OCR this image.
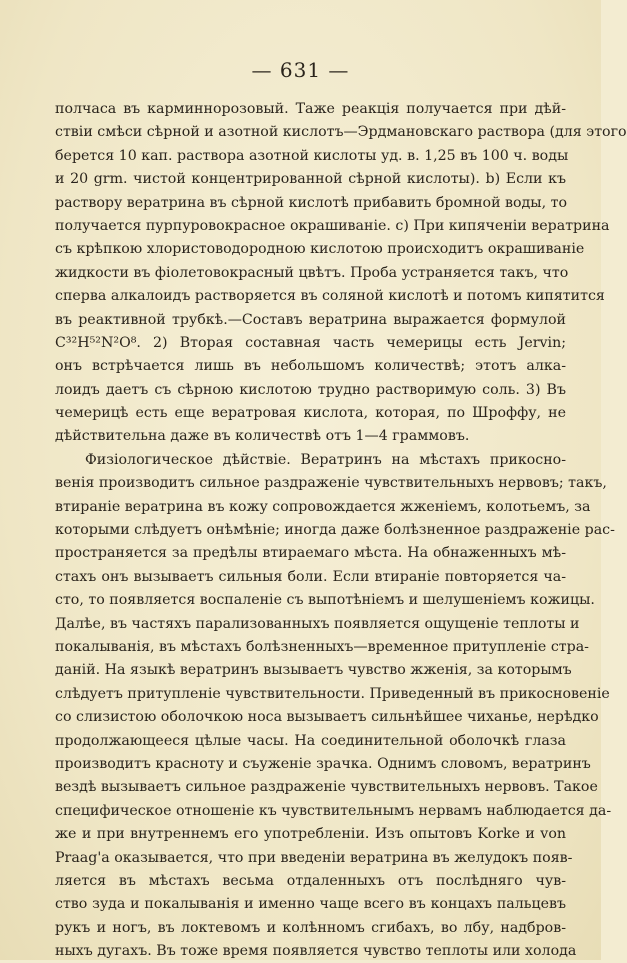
— 631 —
полчаса въ карминнорозовый. Таже реакція получается при дѣй-
ствіи смѣси сѣрной и азотной кислотъ—Эрдмановскаго раствора (для этого
берется 10 кап. раствора азотной кислоты уд. в. 1,25 въ 100 ч. воды
и 20 grm. чистой концентрированной сѣрной кислоты). b) Если къ
раствору вератрина въ сѣрной кислотѣ прибавить бромной воды, то
получается пурпуровокрасное окрашиваніе. c) При кипяченіи вератрина
съ крѣпкою хлористоводородною кислотою происходитъ окрашиваніе
жидкости въ фіолетовокрасный цвѣтъ. Проба устраняется такъ, что
сперва алкалоидъ растворяется въ соляной кислотѣ и потомъ кипятится
въ реактивной трубкѣ.—Составъ вератрина выражается формулой
C³²H⁵²N²O⁸. 2) Вторая составная часть чемерицы есть Jervin;
онъ встрѣчается лишь въ небольшомъ количествѣ; этотъ алка-
лоидъ даетъ съ сѣрною кислотою трудно растворимую соль. 3) Въ
чемерицѣ есть еще вератровая кислота, которая, по Шроффу, не
дѣйствительна даже въ количествѣ отъ 1—4 граммовъ.
Физіологическое дѣйствіе. Вератринъ на мѣстахъ прикосно-
венія производитъ сильное раздраженіе чувствительныхъ нервовъ; такъ,
втираніе вератрина въ кожу сопровождается жженіемъ, колотьемъ, за
которыми слѣдуетъ онѣмѣніе; иногда даже болѣзненное раздраженіе рас-
пространяется за предѣлы втираемаго мѣста. На обнаженныхъ мѣ-
стахъ онъ вызываетъ сильныя боли. Если втираніе повторяется ча-
сто, то появляется воспаленіе съ выпотѣніемъ и шелушеніемъ кожицы.
Далѣе, въ частяхъ парализованныхъ появляется ощущеніе теплоты и
покалыванія, въ мѣстахъ болѣзненныхъ—временное притупленіе стра-
даній. На языкѣ вератринъ вызываетъ чувство жженія, за которымъ
слѣдуетъ притупленіе чувствительности. Приведенный въ прикосновеніе
со слизистою оболочкою носа вызываетъ сильнѣйшее чиханье, нерѣдко
продолжающееся цѣлые часы. На соединительной оболочкѣ глаза
производитъ красноту и съуженіе зрачка. Однимъ словомъ, вератринъ
вездѣ вызываетъ сильное раздраженіе чувствительныхъ нервовъ. Такое
специфическое отношеніе къ чувствительнымъ нервамъ наблюдается да-
же и при внутреннемъ его употребленіи. Изъ опытовъ Korke и von
Praag'a оказывается, что при введеніи вератрина въ желудокъ появ-
ляется въ мѣстахъ весьма отдаленныхъ отъ послѣдняго чув-
ство зуда и покалыванія и именно чаще всего въ концахъ пальцевъ
рукъ и ногъ, въ локтевомъ и колѣнномъ сгибахъ, во лбу, надбров-
ныхъ дугахъ. Въ тоже время появляется чувство теплоты или холода
